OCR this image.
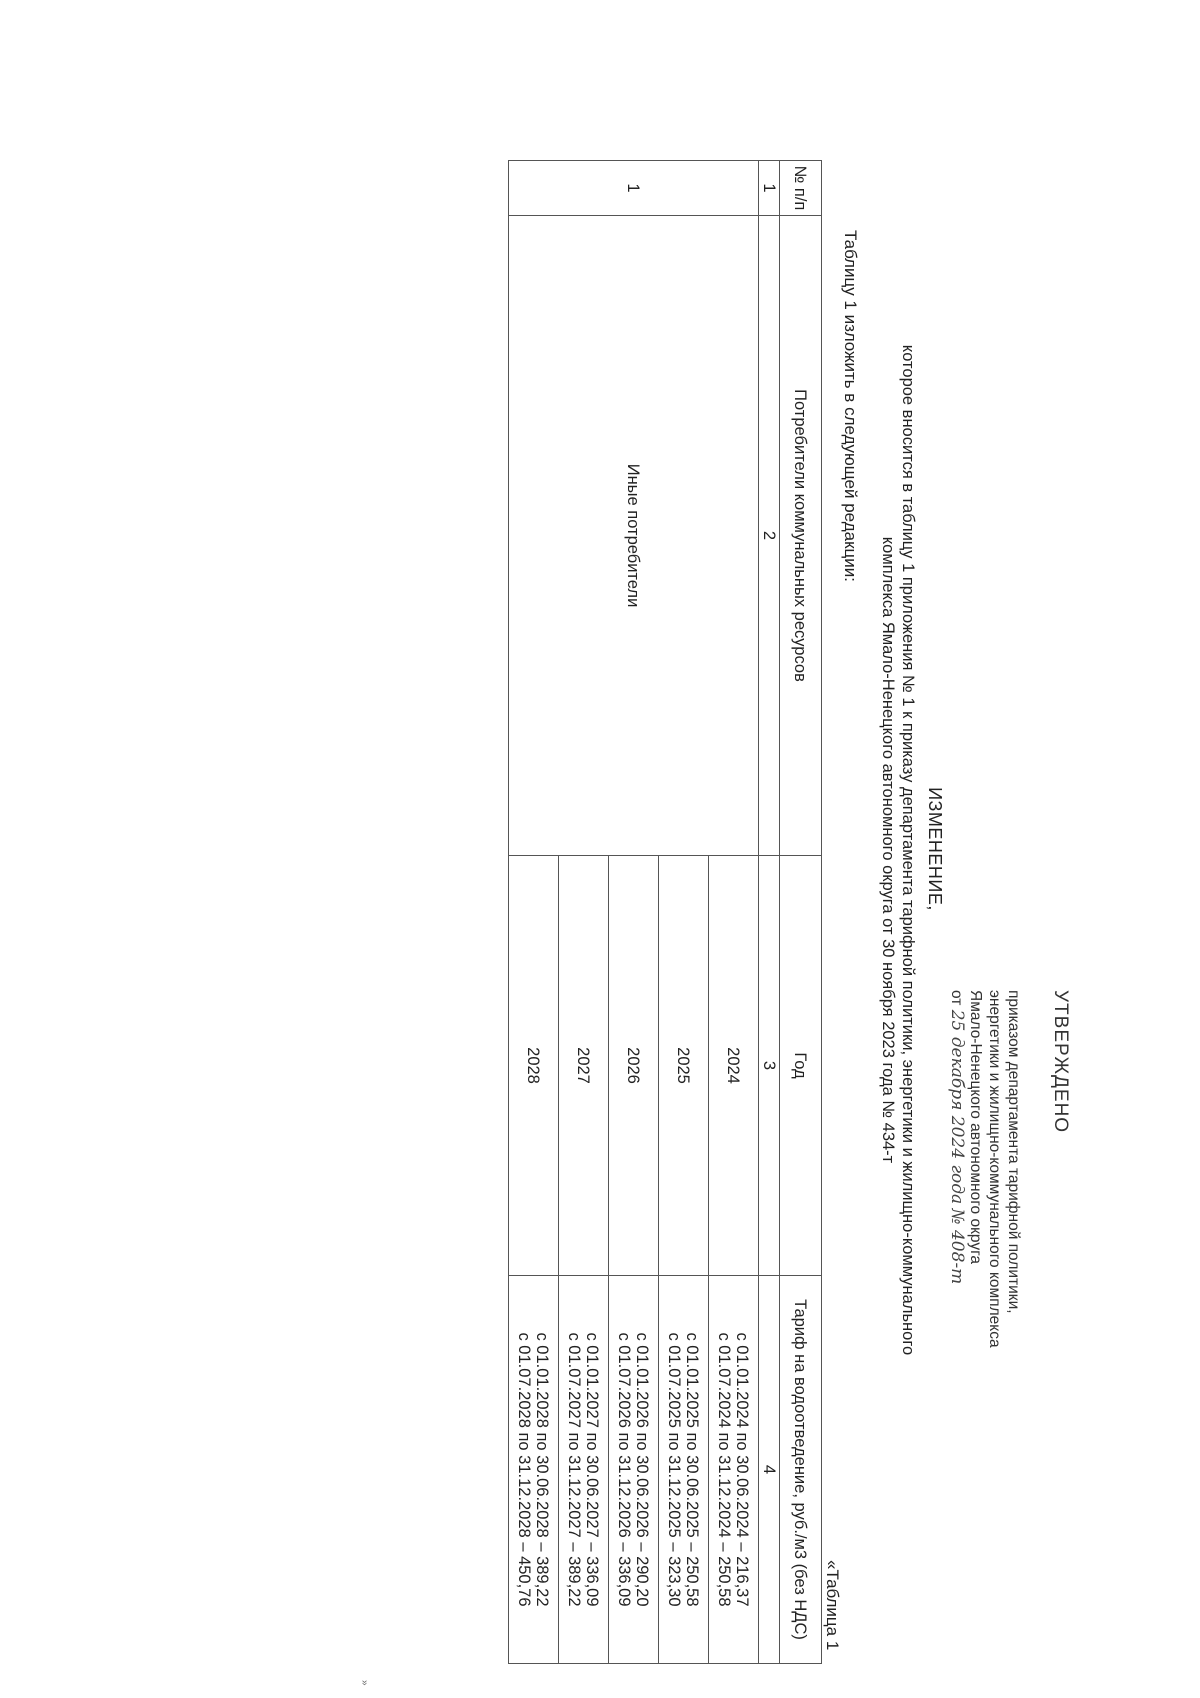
УТВЕРЖДЕНО
приказом департамента тарифной политики,
энергетики и жилищно-коммунального комплекса
Ямало-Ненецкого автономного округа
от 25 декабря 2024 года № 408-т
ИЗМЕНЕНИЕ,
которое вносится в таблицу 1 приложения № 1 к приказу департамента тарифной политики, энергетики и жилищно-коммунального
комплекса Ямало-Ненецкого автономного округа от 30 ноября 2023 года № 434-т
Таблицу 1 изложить в следующей редакции:
«Таблица 1
№ п/п	Потребители коммунальных ресурсов	Год	Тариф на водоотведение, руб./м3 (без НДС)
1	2	3	4
1	Иные потребители	2024	с 01.01.2024 по 30.06.2024 – 216,37
с 01.07.2024 по 31.12.2024 – 250,58

		2025	с 01.01.2025 по 30.06.2025 – 250,58
с 01.07.2025 по 31.12.2025 – 323,30

		2026	с 01.01.2026 по 30.06.2026 – 290,20
с 01.07.2026 по 31.12.2026 – 336,09

		2027	с 01.01.2027 по 30.06.2027 – 336,09
с 01.07.2027 по 31.12.2027 – 389,22

		2028	с 01.01.2028 по 30.06.2028 – 389,22
с 01.07.2028 по 31.12.2028 – 450,76
»
